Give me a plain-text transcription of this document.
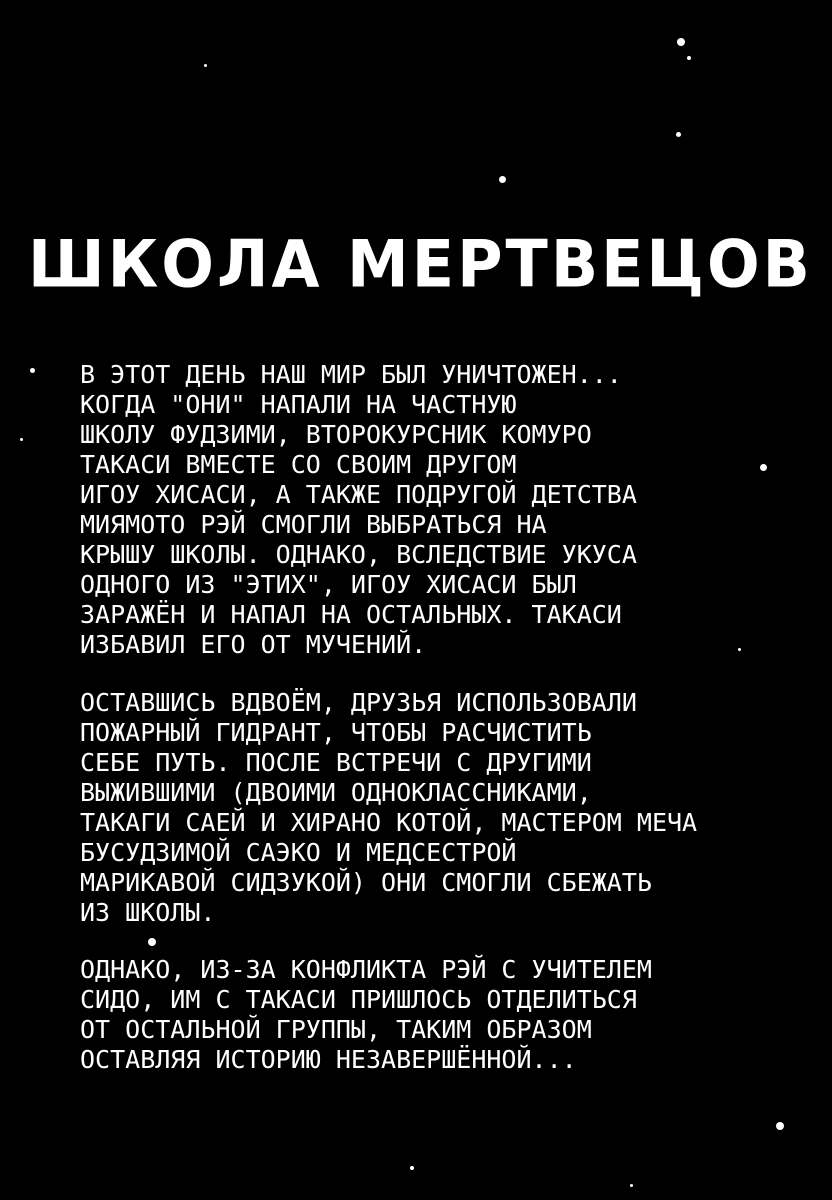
ШКОЛА МЕРТВЕЦОВ
В ЭТОТ ДЕНЬ НАШ МИР БЫЛ УНИЧТОЖЕН...
КОГДА "ОНИ" НАПАЛИ НА ЧАСТНУЮ
ШКОЛУ ФУДЗИМИ, ВТОРОКУРСНИК КОМУРО
ТАКАСИ ВМЕСТЕ СО СВОИМ ДРУГОМ
ИГОУ ХИСАСИ, А ТАКЖЕ ПОДРУГОЙ ДЕТСТВА
МИЯМОТО РЭЙ СМОГЛИ ВЫБРАТЬСЯ НА
КРЫШУ ШКОЛЫ. ОДНАКО, ВСЛЕДСТВИЕ УКУСА
ОДНОГО ИЗ "ЭТИХ", ИГОУ ХИСАСИ БЫЛ
ЗАРАЖЁН И НАПАЛ НА ОСТАЛЬНЫХ. ТАКАСИ
ИЗБАВИЛ ЕГО ОТ МУЧЕНИЙ.
ОСТАВШИСЬ ВДВОЁМ, ДРУЗЬЯ ИСПОЛЬЗОВАЛИ
ПОЖАРНЫЙ ГИДРАНТ, ЧТОБЫ РАСЧИСТИТЬ
СЕБЕ ПУТЬ. ПОСЛЕ ВСТРЕЧИ С ДРУГИМИ
ВЫЖИВШИМИ (ДВОИМИ ОДНОКЛАССНИКАМИ,
ТАКАГИ САЕЙ И ХИРАНО КОТОЙ, МАСТЕРОМ МЕЧА
БУСУДЗИМОЙ САЭКО И МЕДСЕСТРОЙ
МАРИКАВОЙ СИДЗУКОЙ) ОНИ СМОГЛИ СБЕЖАТЬ
ИЗ ШКОЛЫ.
ОДНАКО, ИЗ-ЗА КОНФЛИКТА РЭЙ С УЧИТЕЛЕМ
СИДО, ИМ С ТАКАСИ ПРИШЛОСЬ ОТДЕЛИТЬСЯ
ОТ ОСТАЛЬНОЙ ГРУППЫ, ТАКИМ ОБРАЗОМ
ОСТАВЛЯЯ ИСТОРИЮ НЕЗАВЕРШЁННОЙ...
